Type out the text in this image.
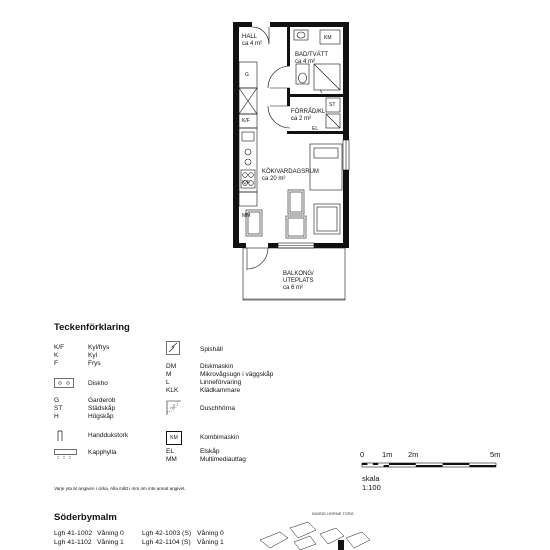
HALL
ca 4 m²
BAD/TVÄTT
ca 4 m²
FÖRRÅD/KL
ca 2 m²
KÖK/VARDAGSRUM
ca 20 m²
BALKONG/
UTEPLATS
ca 6 m²
G
K/F
KM
ST
EL
MM
K/F
Teckenförklaring
K/F	Kyl/frys
K	Kyl
F	Frys
Diskho
G	Garderob
ST	Städskåp
H	Högskåp
Handdukstork
Kapphylla
Spishäll
DM	Diskmaskin
M	Mikrovågsugn i väggskåp
L	Linneförvaring
KLK	Klädkammare
Duschhörna
KM	Kombimaskin
EL	Elskåp
MM	Multimediauttag
0 1m 2m	5m
skala
1:100
Varje yta är angiven i cirka. Alla mått i mm om inte annat angivet.
Söderbymalm
Lgh 41-1002 Våning 0	Lgh 42-1003 (S) Våning 0
Lgh 41-1102 Våning 1	Lgh 42-1104 (S) Våning 1
INGRID HORNE TORG
